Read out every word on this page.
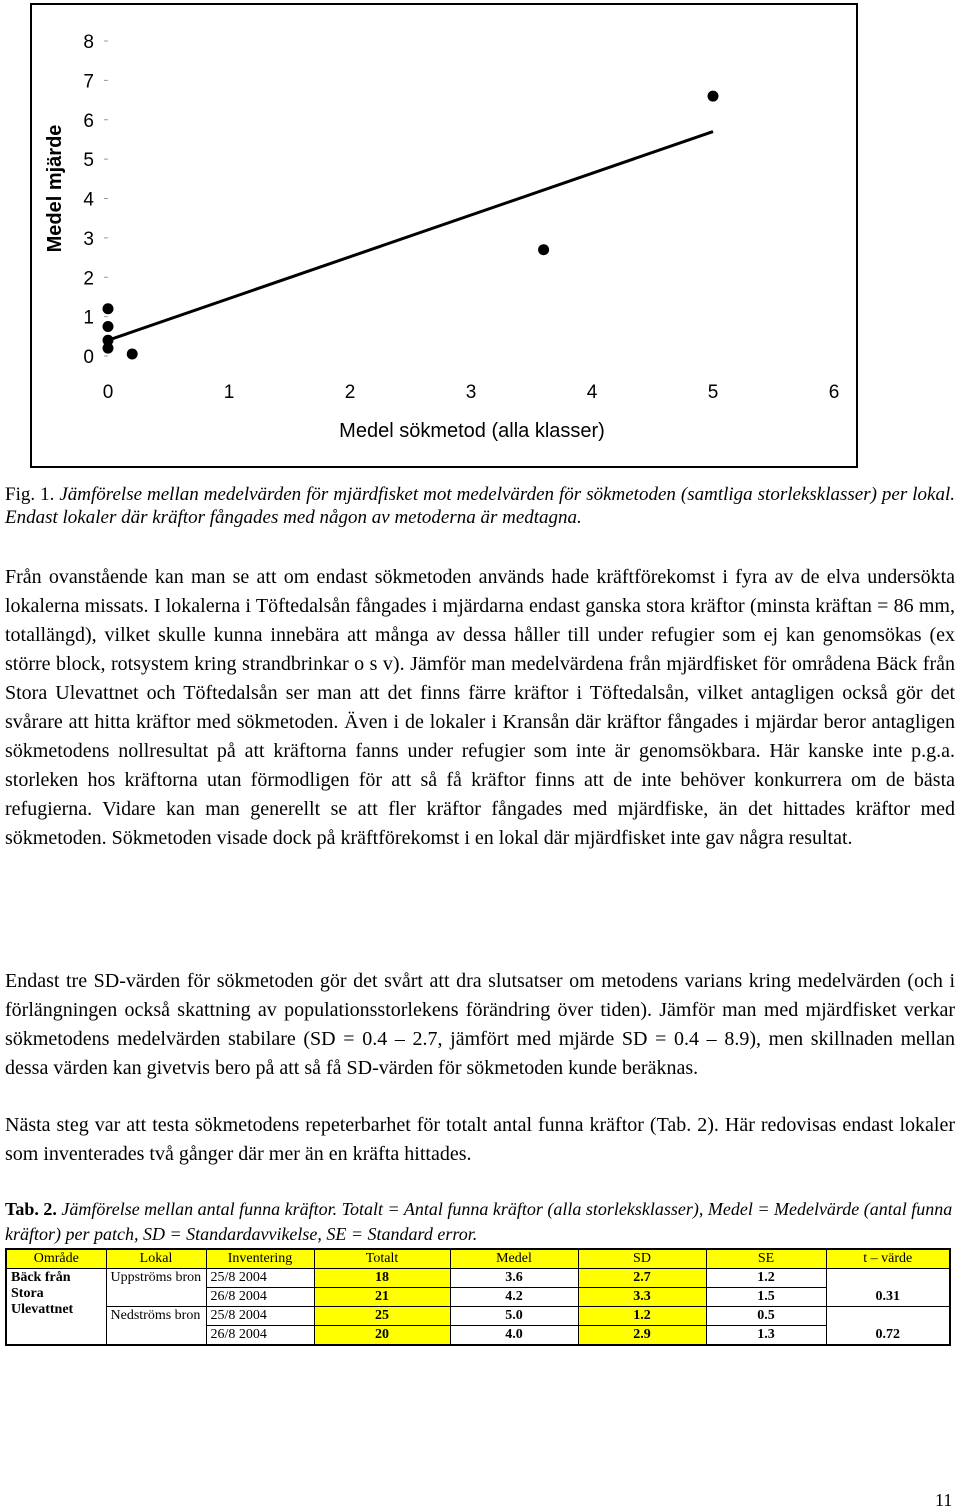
0
1
2
3
4
5
6
7
8
0	1	2	3	4	5	6
Medel sökmetod (alla klasser)
Medel mjärde
Fig. 1. Jämförelse mellan medelvärden för mjärdfisket mot medelvärden för sökmetoden (samtliga storleksklasser) per lokal. Endast lokaler där kräftor fångades med någon av metoderna är medtagna.

Från ovanstående kan man se att om endast sökmetoden används hade kräftförekomst i fyra av de elva undersökta lokalerna missats. I lokalerna i Töftedalsån fångades i mjärdarna endast ganska stora kräftor (minsta kräftan = 86 mm, totallängd), vilket skulle kunna innebära att många av dessa håller till under refugier som ej kan genomsökas (ex större block, rotsystem kring strandbrinkar o s v). Jämför man medelvärdena från mjärdfisket för områdena Bäck från Stora Ulevattnet och Töftedalsån ser man att det finns färre kräftor i Töftedalsån, vilket antagligen också gör det svårare att hitta kräftor med sökmetoden. Även i de lokaler i Kransån där kräftor fångades i mjärdar beror antagligen sökmetodens nollresultat på att kräftorna fanns under refugier som inte är genomsökbara. Här kanske inte p.g.a. storleken hos kräftorna utan förmodligen för att så få kräftor finns att de inte behöver konkurrera om de bästa refugierna. Vidare kan man generellt se att fler kräftor fångades med mjärdfiske, än det hittades kräftor med sökmetoden. Sökmetoden visade dock på kräftförekomst i en lokal där mjärdfisket inte gav några resultat.

Endast tre SD-värden för sökmetoden gör det svårt att dra slutsatser om metodens varians kring medelvärden (och i förlängningen också skattning av populationsstorlekens förändring över tiden). Jämför man med mjärdfisket verkar sökmetodens medelvärden stabilare (SD = 0.4 – 2.7, jämfört med mjärde SD = 0.4 – 8.9), men skillnaden mellan dessa värden kan givetvis bero på att så få SD-värden för sökmetoden kunde beräknas.

Nästa steg var att testa sökmetodens repeterbarhet för totalt antal funna kräftor (Tab. 2). Här redovisas endast lokaler som inventerades två gånger där mer än en kräfta hittades.

Tab. 2. Jämförelse mellan antal funna kräftor. Totalt = Antal funna kräftor (alla storleksklasser), Medel = Medelvärde (antal funna kräftor) per patch, SD = Standardavvikelse, SE = Standard error.
Område	Lokal	Inventering	Totalt	Medel	SD	SE	t – värde
Bäck från Stora Ulevattnet	Uppströms bron	25/8 2004	18	3.6	2.7	1.2	0.31
		26/8 2004	21	4.2	3.3	1.5	
	Nedströms bron	25/8 2004	25	5.0	1.2	0.5	0.72
		26/8 2004	20	4.0	2.9	1.3	
11
